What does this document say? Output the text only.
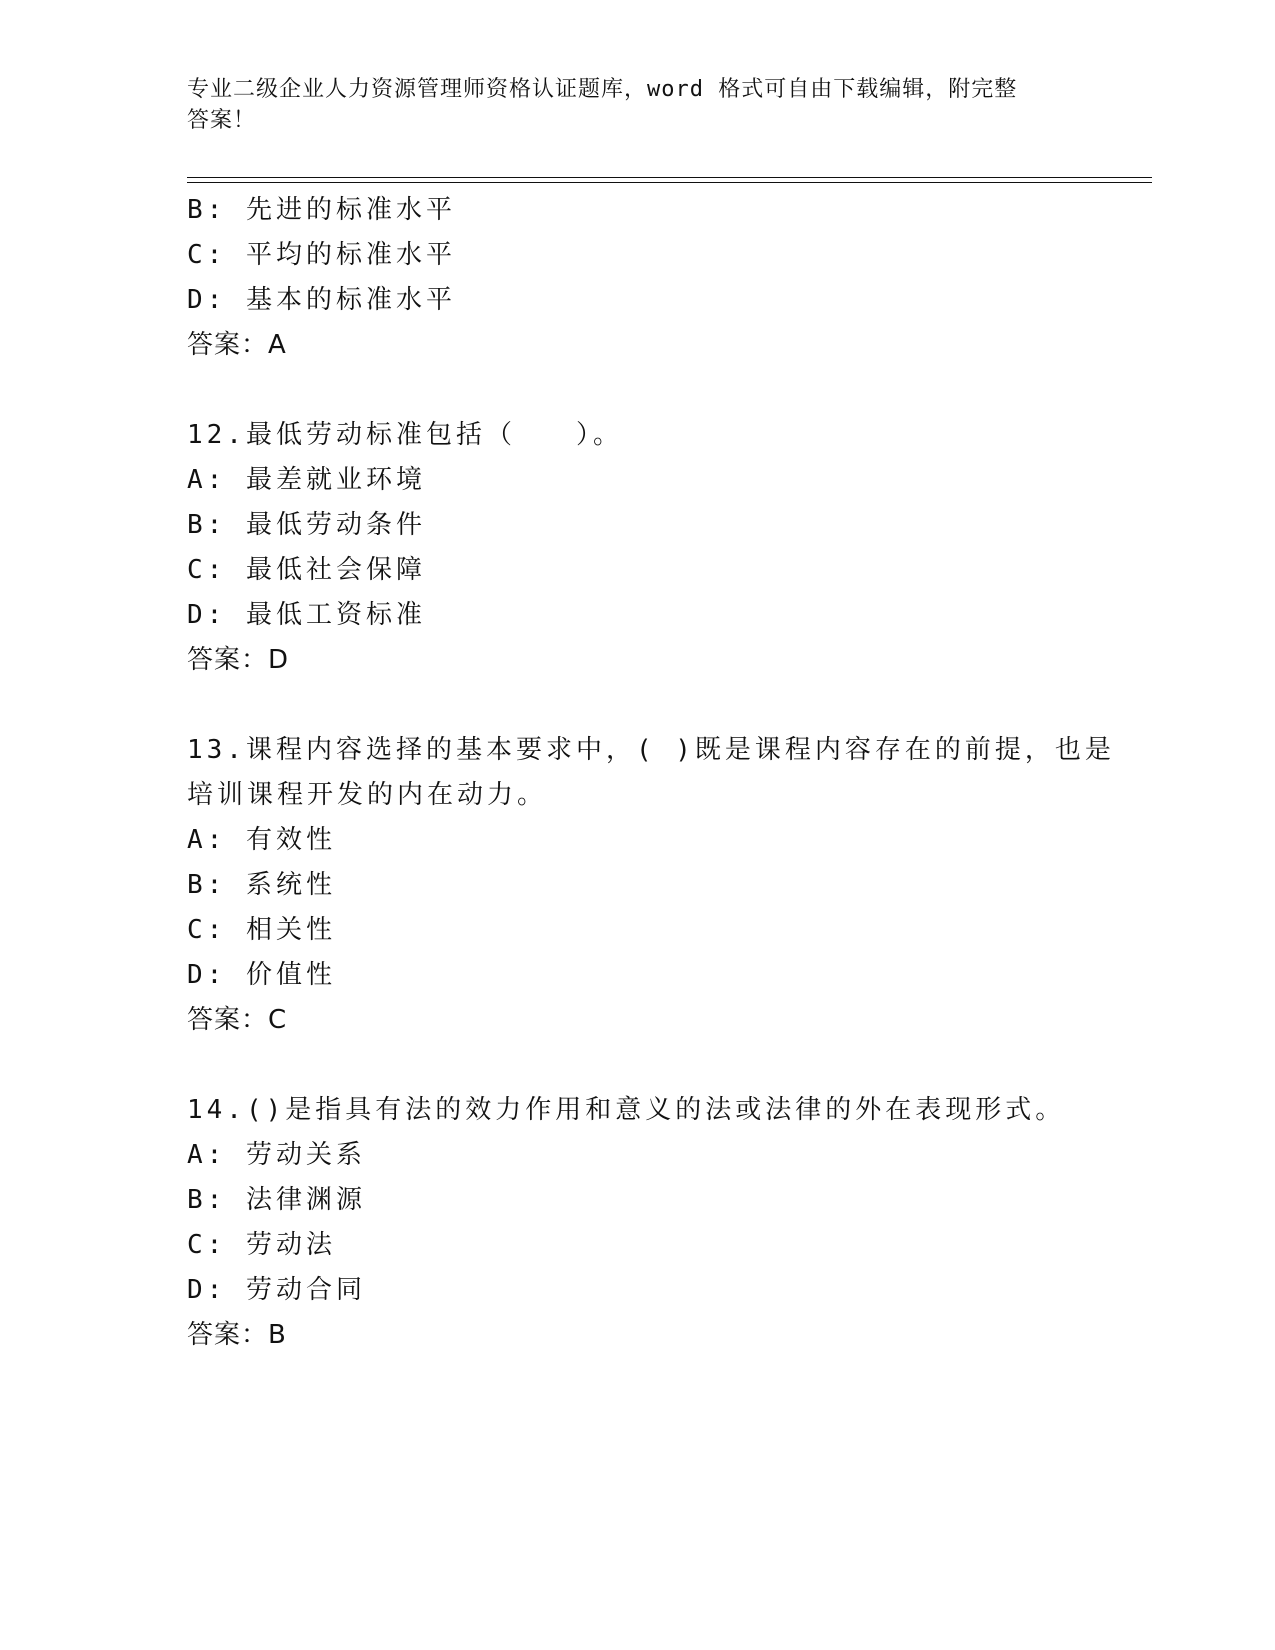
专业二级企业人力资源管理师资格认证题库，word 格式可自由下载编辑，附完整
答案！
B: 先进的标准水平
C: 平均的标准水平
D: 基本的标准水平
答案：A
12.最低劳动标准包括（　　）。
A: 最差就业环境
B: 最低劳动条件
C: 最低社会保障
D: 最低工资标准
答案：D
13.课程内容选择的基本要求中，( )既是课程内容存在的前提，也是
培训课程开发的内在动力。
A: 有效性
B: 系统性
C: 相关性
D: 价值性
答案：C
14.()是指具有法的效力作用和意义的法或法律的外在表现形式。
A: 劳动关系
B: 法律渊源
C: 劳动法
D: 劳动合同
答案：B
